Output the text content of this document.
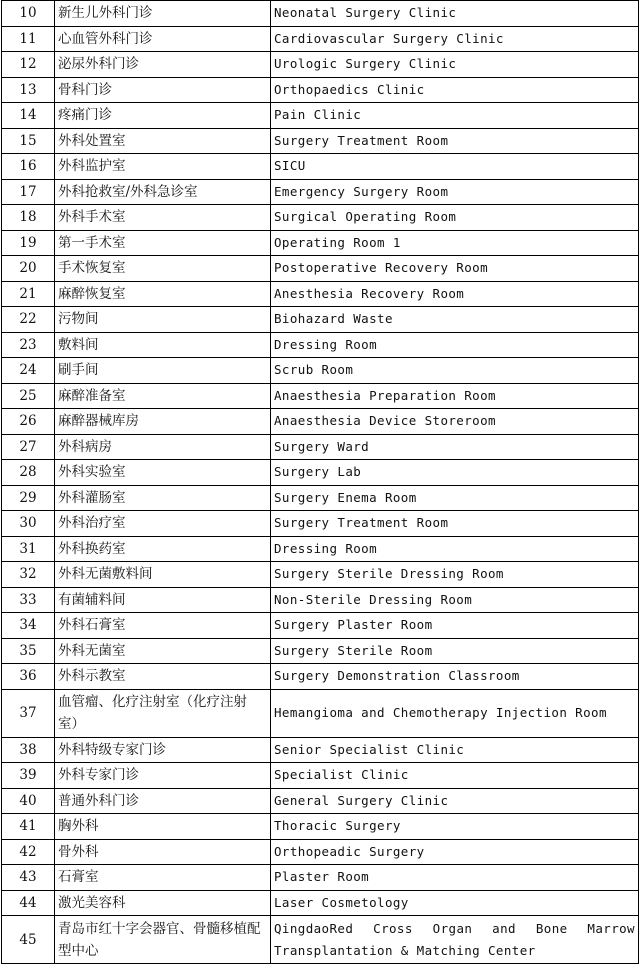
10	新生儿外科门诊	Neonatal Surgery Clinic
11	心血管外科门诊	Cardiovascular Surgery Clinic
12	泌尿外科门诊	Urologic Surgery Clinic
13	骨科门诊	Orthopaedics Clinic
14	疼痛门诊	Pain Clinic
15	外科处置室	Surgery Treatment Room
16	外科监护室	SICU
17	外科抢救室/外科急诊室	Emergency Surgery Room
18	外科手术室	Surgical Operating Room
19	第一手术室	Operating Room 1
20	手术恢复室	Postoperative Recovery Room
21	麻醉恢复室	Anesthesia Recovery Room
22	污物间	Biohazard Waste
23	敷料间	Dressing Room
24	刷手间	Scrub Room
25	麻醉准备室	Anaesthesia Preparation Room
26	麻醉器械库房	Anaesthesia Device Storeroom
27	外科病房	Surgery Ward
28	外科实验室	Surgery Lab
29	外科灌肠室	Surgery Enema Room
30	外科治疗室	Surgery Treatment Room
31	外科换药室	Dressing Room
32	外科无菌敷料间	Surgery Sterile Dressing Room
33	有菌辅料间	Non-Sterile Dressing Room
34	外科石膏室	Surgery Plaster Room
35	外科无菌室	Surgery Sterile Room
36	外科示教室	Surgery Demonstration Classroom
37	血管瘤、化疗注射室（化疗注射室）	Hemangioma and Chemotherapy Injection Room
38	外科特级专家门诊	Senior Specialist Clinic
39	外科专家门诊	Specialist Clinic
40	普通外科门诊	General Surgery Clinic
41	胸外科	Thoracic Surgery
42	骨外科	Orthopeadic Surgery
43	石膏室	Plaster Room
44	激光美容科	Laser Cosmetology
45	青岛市红十字会器官、骨髓移植配型中心	QingdaoRed Cross Organ and Bone Marrow Transplantation & Matching Center
